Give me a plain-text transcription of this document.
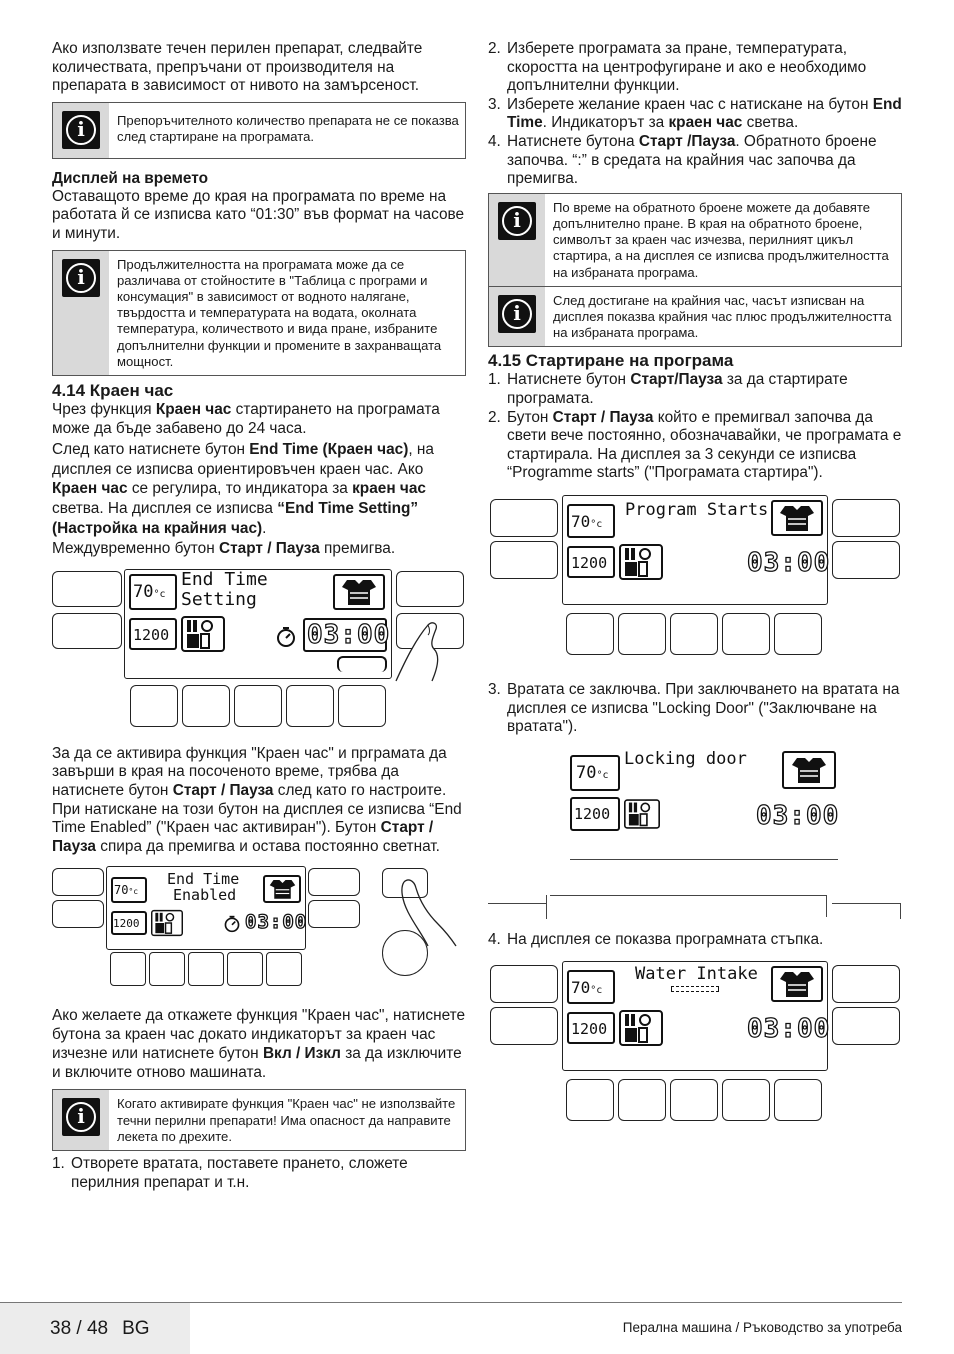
Ако използвате течен перилен препарат, следвайте количествата, препръчани от производителя на препарата в зависимост от нивото на замърсеност.

i	Препоръчителното количество препарата не се показва след стартиране на програмата.
Дисплей на времето

Оставащото време до края на програмата по време на работата й се изписва като “01:30” във формат на часове и минути.

i
Продължителността на програмата може да се различава от стойностите в "Таблица с програми и консумация" в зависимост от водното налягане, твърдостта и температурата на водата, околната температура, количеството и вида пране, избраните допълнителни функции и промените в захранващата мощност.
4.14 Краен час

Чрез функция Краен час стартирането на програмата може да бъде забавено до 24 часа.

След като натиснете бутон End Time (Краен час), на дисплея се изписва ориентировъчен краен час. Ако Краен час се регулира, то индикатора за краен час светва. На дисплея се изписва “End Time Setting” (Настройка на крайния час).

Междувременно бутон Старт / Пауза премигва.

70°c
End Time
Setting
1200	03:00

За да се активира функция "Краен час" и прграмата да завърши в края на посоченото време, трябва да натиснете бутон Старт / Пауза след като го настроите. При натискане на този бутон на дисплея се изписва “End Time Enabled” ("Краен час активиран"). Бутон Старт / Пауза спира да премигва и остава постоянно светнат.

70°c
End Time
Enabled
1200	03:00

Ако желаете да откажете функция "Краен час", натиснете бутона за краен час докато индикаторът за краен час изчезне или натиснете бутон Вкл / Изкл за да изключите и включите отново машината.

i
Когато активирате функция "Краен час" не използвайте течни перилни препарати! Има опасност да направите лекета по дрехите.
1. Отворете вратата, поставете прането, сложете перилния препарат и т.н.
2. Изберете програмата за пране, температурата, скоростта на центрофугиране и ако е необходимо допълнителни функции.
3. Изберете желание краен час с натискане на бутон End Time. Индикаторът за краен час светва.
4. Натиснете бутона Старт /Пауза. Обратното броене започва. “:” в средата на крайния час започва да премигва.
i
По време на обратното броене можете да добавяте допълнително пране. В края на обратното броене, символът за краен час изчезва, перилният цикъл стартира, а на дисплея се изписва продължителността на избраната програма.
i
След достигане на крайния час, часът изписван на дисплея показва крайния час плюс продължителността на избраната програма.
4.15 Стартиране на програма
1. Натиснете бутон Старт/Пауза за да стартирате програмата.
2. Бутон Старт / Пауза който е премигвал започва да свети вече постоянно, обозначавайки, че програмата е стартирала. На дисплея за 3 секунди се изписва “Programme starts” ("Програмата стартира").
70°c
Program Starts
1200	03:00
3. Вратата се заключва. При заключването на вратата на дисплея се изписва "Locking Door" ("Заключване на вратата").
70°c
Locking door
1200	03:00
4. На дисплея се показва програмната стъпка.
70°c
Water Intake
1200	03:00
38 / 48 BG	Перална машина / Ръководство за употреба
